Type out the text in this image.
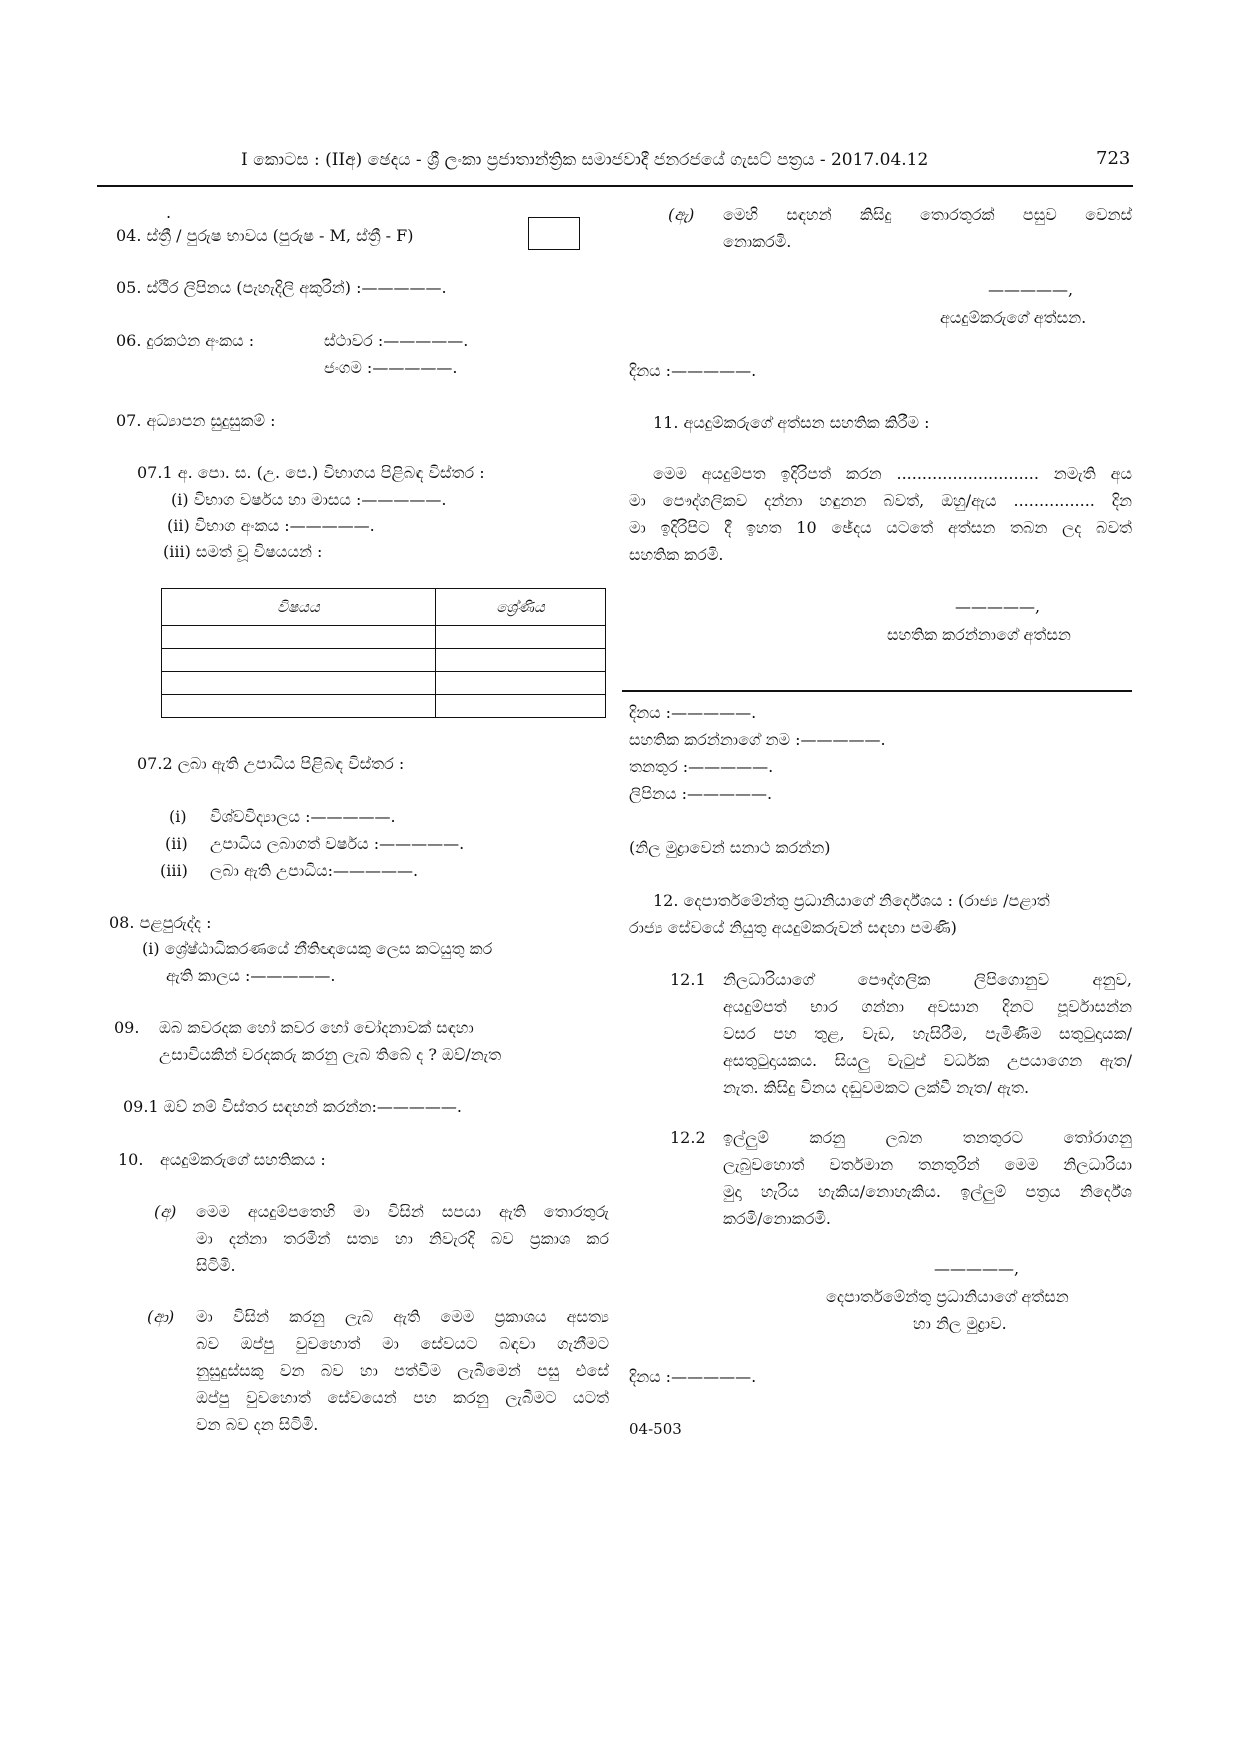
I කොටස : (IIඅ) ඡෙදය - ශ්‍රී ලංකා ප්‍රජාතාන්ත්‍රික සමාජවාදී ජනරජයේ ගැසට් පත්‍රය - 2017.04.12	723
.
04. ස්ත්‍රී / පුරුෂ භාවය (පුරුෂ - M, ස්ත්‍රී - F)
05. ස්ථිර ලිපිනය (පැහැදිලි අකුරින්) :—————.
06. දුරකථන අංකය :	ස්ථාවර :—————.
ජංගම :—————.
07. අධ්‍යාපන සුදුසුකම් :
07.1 අ. පො. ස. (උ. පෙ.) විභාගය පිළිබඳ විස්තර :
(i) විභාග වර්ෂය හා මාසය :—————.
(ii) විභාග අංකය :—————.
(iii) සමත් වූ විෂයයන් :
විෂයය	ශ්‍රේණිය

07.2 ලබා ඇති උපාධිය පිළිබඳ විස්තර :
(i) විශ්වවිද්‍යාලය :—————.
(ii) උපාධිය ලබාගත් වර්ෂය :—————.
(iii) ලබා ඇති උපාධිය:—————.
08. පළපුරුද්ද :
(i) ශ්‍රේෂ්ඨාධිකරණයේ නීතිඥයෙකු ලෙස කටයුතු කර
ඇති කාලය :—————.
09. ඔබ කවරදක හෝ කවර හෝ චෝදනාවක් සඳහා
උසාවියකින් වරදකරු කරනු ලැබ තිබේ ද ? ඔව්/නැත
09.1 ඔව් නම් විස්තර සඳහන් කරන්න:—————.
10. අයදුම්කරුගේ සහතිකය :
(අ) මෙම අයදුම්පතෙහි මා විසින් සපයා ඇති තොරතුරු
මා දන්නා තරමින් සත්‍ය හා නිවැරදි බව ප්‍රකාශ කර
සිටිමි.
(ආ) මා විසින් කරනු ලැබ ඇති මෙම ප්‍රකාශය අසත්‍ය
බව ඔප්පු වුවහොත් මා සේවයට බඳවා ගැනීමට
නුසුදුස්සකු වන බව හා පත්වීම ලැබීමෙන් පසු එසේ
ඔප්පු වුවහොත් සේවයෙන් පහ කරනු ලැබීමට යටත්
වන බව දන සිටිමි.
(ඇ) මෙහි සඳහන් කිසිදු තොරතුරක් පසුව වෙනස්
නොකරමි.
—————,
අයදුම්කරුගේ අත්සන.
දිනය :—————.
11. අයදුම්කරුගේ අත්සන සහතික කිරීම :
මෙම අයදුම්පත ඉදිරිපත් කරන ............................ නමැති අය
මා පෞද්ගලිකව දන්නා හඳුනන බවත්, ඔහු/ඇය ................ දින
මා ඉදිරිපිට දී ඉහත 10 ඡේදය යටතේ අත්සන තබන ලද බවත්
සහතික කරමි.
—————,
සහතික කරන්නාගේ අත්සන
දිනය :—————.
සහතික කරන්නාගේ නම :—————.
තනතුර :—————.
ලිපිනය :—————.
(නිල මුද්‍රාවෙන් සනාථ කරන්න)
12. දෙපාර්තමේන්තු ප්‍රධානියාගේ නිර්දේශය : (රාජ්‍ය /පළාත්
රාජ්‍ය සේවයේ නියුතු අයදුම්කරුවන් සඳහා පමණි)
12.1 නිලධාරියාගේ පෞද්ගලික ලිපිගොනුව අනුව,
අයදුම්පත් භාර ගන්නා අවසාන දිනට පූර්වාසන්න
වසර පහ තුළ, වැඩ, හැසිරීම, පැමිණීම සතුටුදායක/
අසතුටුදායකය. සියලු වැටුප් වර්ධක උපයාගෙන ඇත/
නැත. කිසිදු විනය දඬුවමකට ලක්වී නැත/ ඇත.
12.2 ඉල්ලුම් කරනු ලබන තනතුරට තෝරාගනු
ලැබුවහොත් වර්තමාන තනතුරින් මෙම නිලධාරියා
මුදා හැරිය හැකිය/නොහැකිය. ඉල්ලුම් පත්‍රය නිර්දේශ
කරමි/නොකරමි.
—————,
දෙපාර්තමේන්තු ප්‍රධානියාගේ අත්සන
හා නිල මුද්‍රාව.
දිනය :—————.
04-503
